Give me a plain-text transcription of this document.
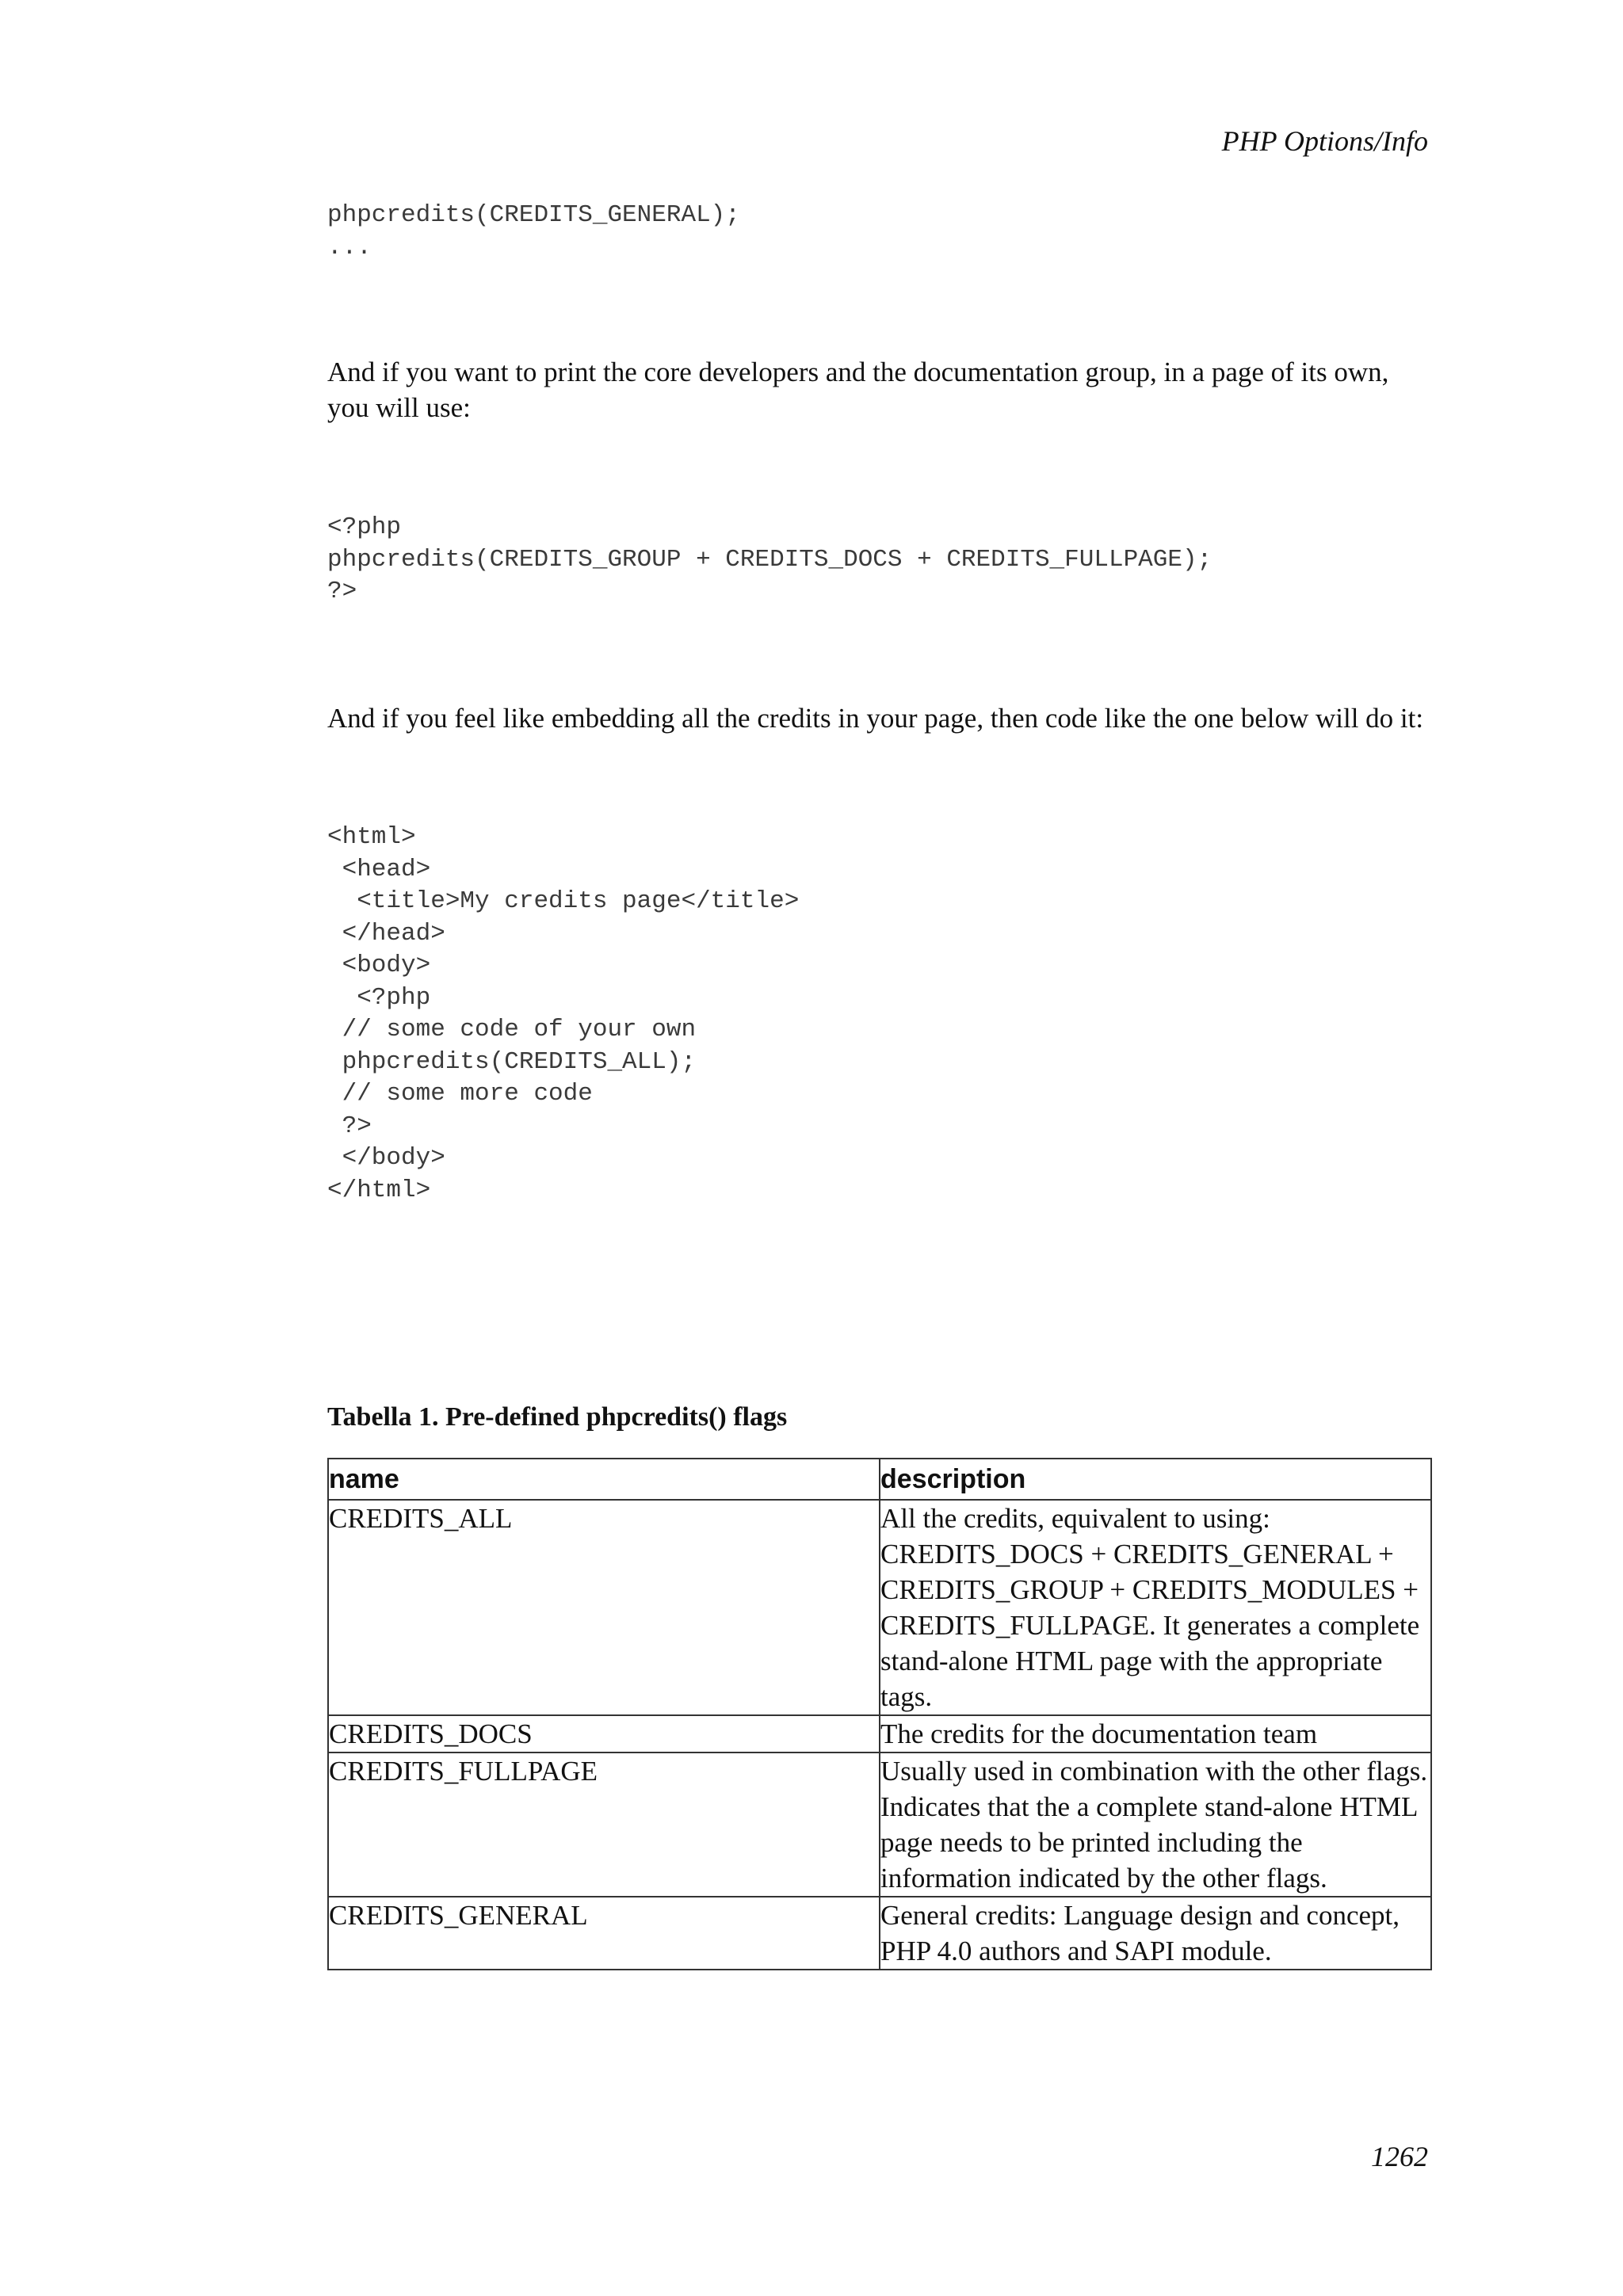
PHP Options/Info
phpcredits(CREDITS_GENERAL);
...

And if you want to print the core developers and the documentation group, in a page of its own, you will use:

<?php
phpcredits(CREDITS_GROUP + CREDITS_DOCS + CREDITS_FULLPAGE);
?>

And if you feel like embedding all the credits in your page, then code like the one below will do it:

<html>
<head>
<title>My credits page</title>
</head>
<body>
<?php
// some code of your own
phpcredits(CREDITS_ALL);
// some more code
?>
</body>
</html>

Tabella 1. Pre-defined phpcredits() flags

name	description
CREDITS_ALL	All the credits, equivalent to using: CREDITS_DOCS + CREDITS_GENERAL + CREDITS_GROUP + CREDITS_MODULES + CREDITS_FULLPAGE. It generates a complete stand-alone HTML page with the appropriate tags.
CREDITS_DOCS	The credits for the documentation team
CREDITS_FULLPAGE	Usually used in combination with the other flags. Indicates that the a complete stand-alone HTML page needs to be printed including the information indicated by the other flags.
CREDITS_GENERAL	General credits: Language design and concept, PHP 4.0 authors and SAPI module.
1262
